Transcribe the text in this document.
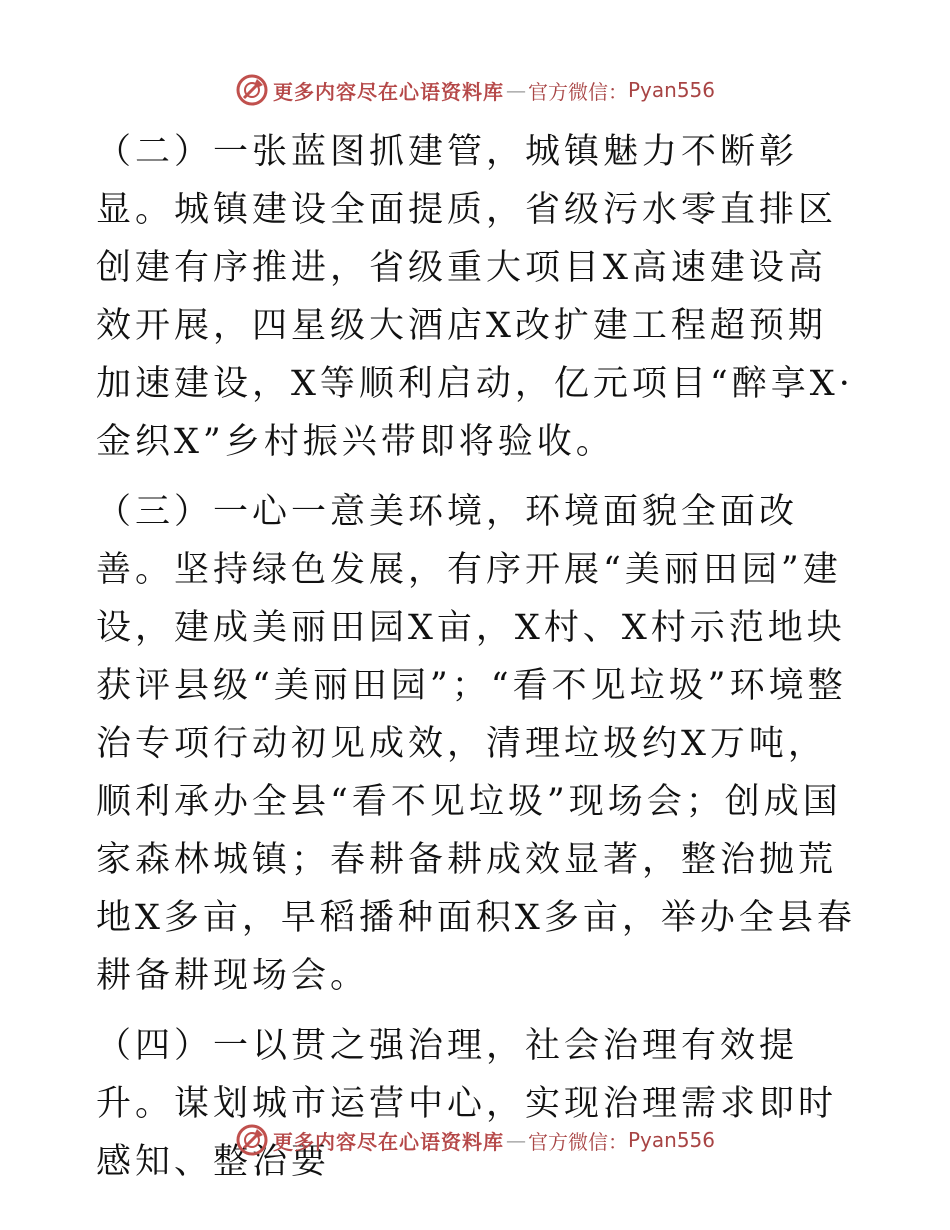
更多内容尽在心语资料库 — 官方微信： Pyan556

（二）一张蓝图抓建管，城镇魅力不断彰显。城镇建设全面提质，省级污水零直排区创建有序推进，省级重大项目X高速建设高效开展，四星级大酒店X改扩建工程超预期加速建设，X等顺利启动，亿元项目“醉享X·金织X”乡村振兴带即将验收。

（三）一心一意美环境，环境面貌全面改善。坚持绿色发展，有序开展“美丽田园”建设，建成美丽田园X亩，X村、X村示范地块获评县级“美丽田园”；“看不见垃圾”环境整治专项行动初见成效，清理垃圾约X万吨，顺利承办全县“看不见垃圾”现场会；创成国家森林城镇；春耕备耕成效显著，整治抛荒地X多亩，早稻播种面积X多亩，举办全县春耕备耕现场会。

（四）一以贯之强治理，社会治理有效提升。谋划城市运营中心，实现治理需求即时感知、整治要

更多内容尽在心语资料库 — 官方微信： Pyan556
